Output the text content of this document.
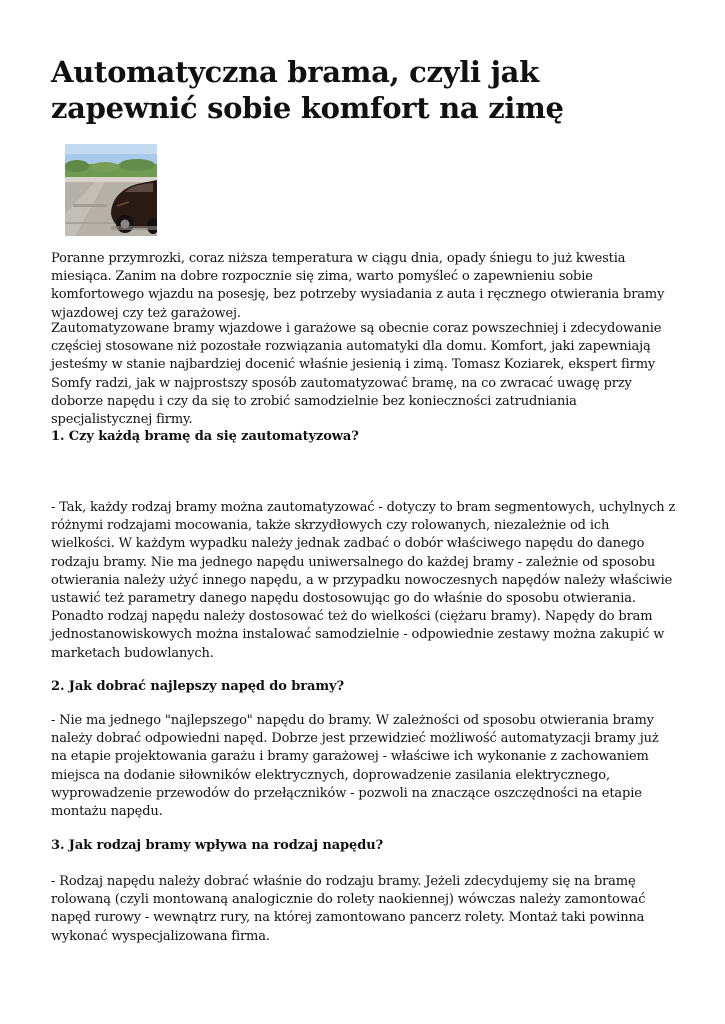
Automatyczna brama, czyli jak zapewnić sobie komfort na zimę

Poranne przymrozki, coraz niższa temperatura w ciągu dnia, opady śniegu to już kwestia miesiąca. Zanim na dobre rozpocznie się zima, warto pomyśleć o zapewnieniu sobie komfortowego wjazdu na posesję, bez potrzeby wysiadania z auta i ręcznego otwierania bramy wjazdowej czy też garażowej.

Zautomatyzowane bramy wjazdowe i garażowe są obecnie coraz powszechniej i zdecydowanie częściej stosowane niż pozostałe rozwiązania automatyki dla domu. Komfort, jaki zapewniają jesteśmy w stanie najbardziej docenić właśnie jesienią i zimą. Tomasz Koziarek, ekspert firmy Somfy radzi, jak w najprostszy sposób zautomatyzować bramę, na co zwracać uwagę przy doborze napędu i czy da się to zrobić samodzielnie bez konieczności zatrudniania specjalistycznej firmy.

1. Czy każdą bramę da się zautomatyzowa?

- Tak, każdy rodzaj bramy można zautomatyzować - dotyczy to bram segmentowych, uchylnych z różnymi rodzajami mocowania, także skrzydłowych czy rolowanych, niezależnie od ich wielkości. W każdym wypadku należy jednak zadbać o dobór właściwego napędu do danego rodzaju bramy. Nie ma jednego napędu uniwersalnego do każdej bramy - zależnie od sposobu otwierania należy użyć innego napędu, a w przypadku nowoczesnych napędów należy właściwie ustawić też parametry danego napędu dostosowując go do właśnie do sposobu otwierania. Ponadto rodzaj napędu należy dostosować też do wielkości (ciężaru bramy). Napędy do bram jednostanowiskowych można instalować samodzielnie - odpowiednie zestawy można zakupić w marketach budowlanych.

2. Jak dobrać najlepszy napęd do bramy?

- Nie ma jednego "najlepszego" napędu do bramy. W zależności od sposobu otwierania bramy należy dobrać odpowiedni napęd. Dobrze jest przewidzieć możliwość automatyzacji bramy już na etapie projektowania garażu i bramy garażowej - właściwe ich wykonanie z zachowaniem miejsca na dodanie siłowników elektrycznych, doprowadzenie zasilania elektrycznego, wyprowadzenie przewodów do przełączników - pozwoli na znaczące oszczędności na etapie montażu napędu.

3. Jak rodzaj bramy wpływa na rodzaj napędu?

- Rodzaj napędu należy dobrać właśnie do rodzaju bramy. Jeżeli zdecydujemy się na bramę rolowaną (czyli montowaną analogicznie do rolety naokiennej) wówczas należy zamontować napęd rurowy - wewnątrz rury, na której zamontowano pancerz rolety. Montaż taki powinna wykonać wyspecjalizowana firma.
